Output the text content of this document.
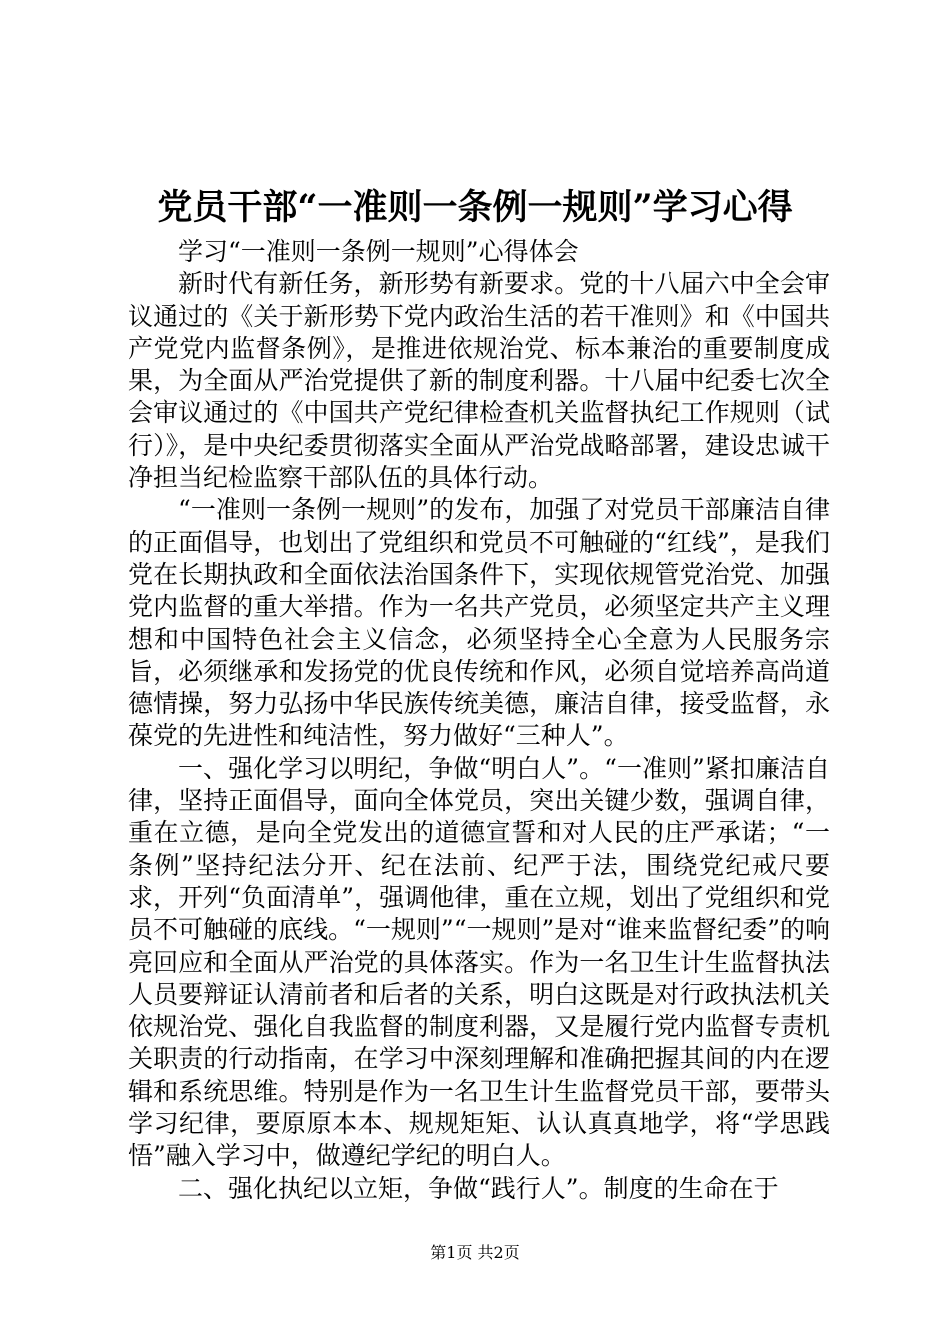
党员干部“一准则一条例一规则”学习心得

学习“一准则一条例一规则”心得体会

新时代有新任务，新形势有新要求。党的十八届六中全会审议通过的《关于新形势下党内政治生活的若干准则》和《中国共产党党内监督条例》，是推进依规治党、标本兼治的重要制度成果，为全面从严治党提供了新的制度利器。十八届中纪委七次全会审议通过的《中国共产党纪律检查机关监督执纪工作规则（试行）》，是中央纪委贯彻落实全面从严治党战略部署，建设忠诚干净担当纪检监察干部队伍的具体行动。

“一准则一条例一规则”的发布，加强了对党员干部廉洁自律的正面倡导，也划出了党组织和党员不可触碰的“红线”，是我们党在长期执政和全面依法治国条件下，实现依规管党治党、加强党内监督的重大举措。作为一名共产党员，必须坚定共产主义理想和中国特色社会主义信念，必须坚持全心全意为人民服务宗旨，必须继承和发扬党的优良传统和作风，必须自觉培养高尚道德情操，努力弘扬中华民族传统美德，廉洁自律，接受监督，永葆党的先进性和纯洁性，努力做好“三种人”。

一、强化学习以明纪，争做“明白人”。“一准则”紧扣廉洁自律，坚持正面倡导，面向全体党员，突出关键少数，强调自律，重在立德，是向全党发出的道德宣誓和对人民的庄严承诺；“一条例”坚持纪法分开、纪在法前、纪严于法，围绕党纪戒尺要求，开列“负面清单”，强调他律，重在立规，划出了党组织和党员不可触碰的底线。“一规则”“一规则”是对“谁来监督纪委”的响亮回应和全面从严治党的具体落实。作为一名卫生计生监督执法人员要辩证认清前者和后者的关系，明白这既是对行政执法机关依规治党、强化自我监督的制度利器，又是履行党内监督专责机关职责的行动指南，在学习中深刻理解和准确把握其间的内在逻辑和系统思维。特别是作为一名卫生计生监督党员干部，要带头学习纪律，要原原本本、规规矩矩、认认真真地学，将“学思践悟”融入学习中，做遵纪学纪的明白人。

二、强化执纪以立矩，争做“践行人”。制度的生命在于

第1页 共2页
